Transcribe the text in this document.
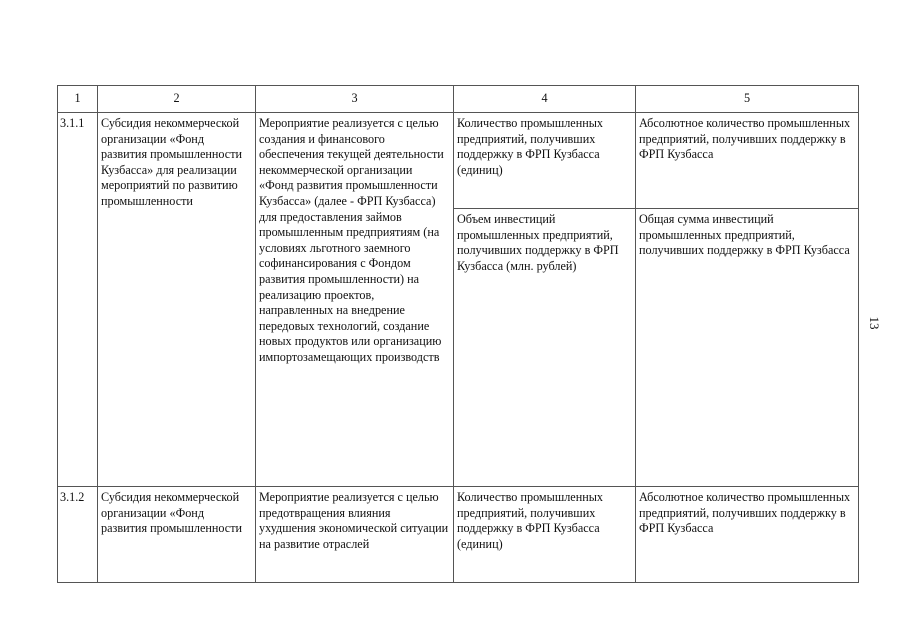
13
1	2	3	4	5
3.1.1	Субсидия некоммерческой организации «Фонд развития промышленности Кузбасса» для реализации мероприятий по развитию промышленности	Мероприятие реализуется с целью создания и финансового обеспечения текущей деятельности некоммерческой организации «Фонд развития промышленности Кузбасса» (далее - ФРП Кузбасса) для предоставления займов промышленным предприятиям (на условиях льготного заемного софинансирования с Фондом развития промышленности) на реализацию проектов, направленных на внедрение передовых технологий, создание новых продуктов или организацию импортозамещающих производств	Количество промышленных предприятий, получивших поддержку в ФРП Кузбасса (единиц)	Абсолютное количество промышленных предприятий, получивших поддержку в ФРП Кузбасса
			Объем инвестиций промышленных предприятий, получивших поддержку в ФРП Кузбасса (млн. рублей)	Общая сумма инвестиций промышленных предприятий, получивших поддержку в ФРП Кузбасса
3.1.2	Субсидия некоммерческой организации «Фонд развития промышленности	Мероприятие реализуется с целью предотвращения влияния ухудшения экономической ситуации на развитие отраслей	Количество промышленных предприятий, получивших поддержку в ФРП Кузбасса (единиц)	Абсолютное количество промышленных предприятий, получивших поддержку в ФРП Кузбасса
